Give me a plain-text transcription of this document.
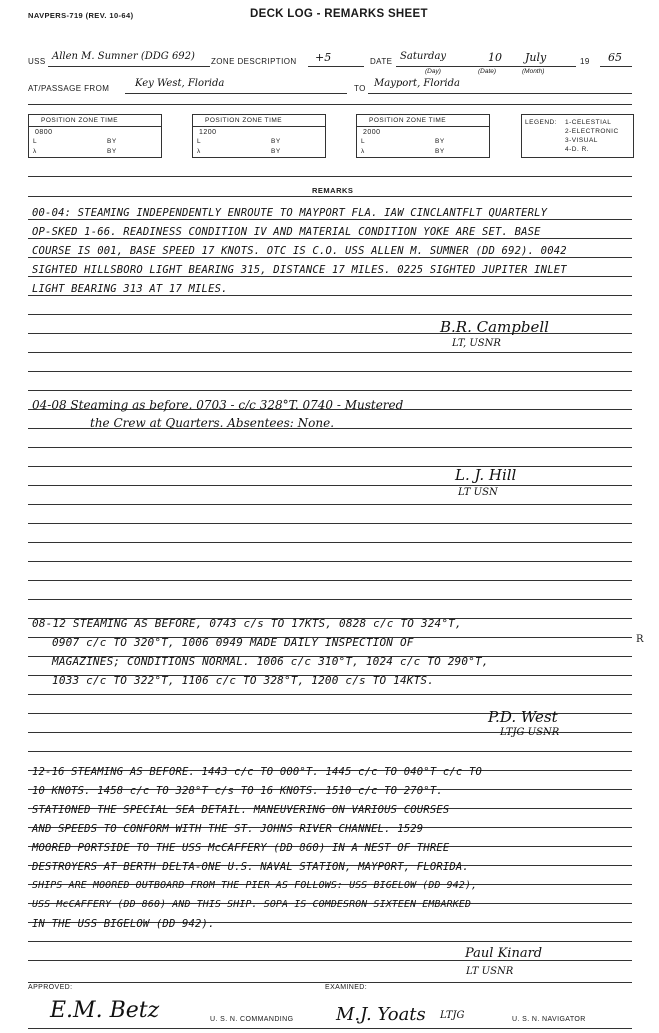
NAVPERS-719 (REV. 10-64)	DECK LOG - REMARKS SHEET
USS Allen M. Sumner (DDG 692) ZONE DESCRIPTION +5	DATE Saturday	10 July	19 65
(Day)	(Date)	(Month)
AT/PASSAGE FROM	Key West, Florida	TO Mayport, Florida
POSITION ZONE TIME
0800
L	BY
λ	BY
POSITION ZONE TIME
1200
L	BY
λ	BY
POSITION ZONE TIME
2000
L	BY
λ	BY
LEGEND: 1-CELESTIAL
2-ELECTRONIC
3-VISUAL
4-D. R.
REMARKS
00-04: STEAMING INDEPENDENTLY ENROUTE TO MAYPORT FLA. IAW CINCLANTFLT QUARTERLY
OP-SKED 1-66. READINESS CONDITION IV AND MATERIAL CONDITION YOKE ARE SET. BASE
COURSE IS 001, BASE SPEED 17 KNOTS. OTC IS C.O. USS ALLEN M. SUMNER (DD 692). 0042
SIGHTED HILLSBORO LIGHT BEARING 315, DISTANCE 17 MILES. 0225 SIGHTED JUPITER INLET
LIGHT BEARING 313 AT 17 MILES.
B.R. Campbell
LT, USNR
04-08 Steaming as before. 0703 - c/c 328°T. 0740 - Mustered
the Crew at Quarters. Absentees: None.
L. J. Hill
LT USN
08-12 STEAMING AS BEFORE, 0743 c/s TO 17KTS, 0828 c/c TO 324°T,
0907 c/c TO 320°T, 1006 0949 MADE DAILY INSPECTION OF
MAGAZINES; CONDITIONS NORMAL. 1006 c/c 310°T, 1024 c/c TO 290°T,
1033 c/c TO 322°T, 1106 c/c TO 328°T, 1200 c/s TO 14KTS.
R
P.D. West
LTJG USNR
12-16 STEAMING AS BEFORE. 1443 c/c TO 000°T. 1445 c/c TO 040°T c/c TO
10 KNOTS. 1458 c/c TO 328°T c/s TO 16 KNOTS. 1510 c/c TO 270°T.
STATIONED THE SPECIAL SEA DETAIL. MANEUVERING ON VARIOUS COURSES
AND SPEEDS TO CONFORM WITH THE ST. JOHNS RIVER CHANNEL. 1529
MOORED PORTSIDE TO THE USS McCAFFERY (DD 860) IN A NEST OF THREE
DESTROYERS AT BERTH DELTA-ONE U.S. NAVAL STATION, MAYPORT, FLORIDA.
SHIPS ARE MOORED OUTBOARD FROM THE PIER AS FOLLOWS: USS BIGELOW (DD 942),
USS McCAFFERY (DD 860) AND THIS SHIP. SOPA IS COMDESRON SIXTEEN EMBARKED
IN THE USS BIGELOW (DD 942).
Paul Kinard
LT USNR
APPROVED:	EXAMINED:
E.M. Betz	U. S. N. COMMANDING M.J. Yoats LTJG	U. S. N. NAVIGATOR
